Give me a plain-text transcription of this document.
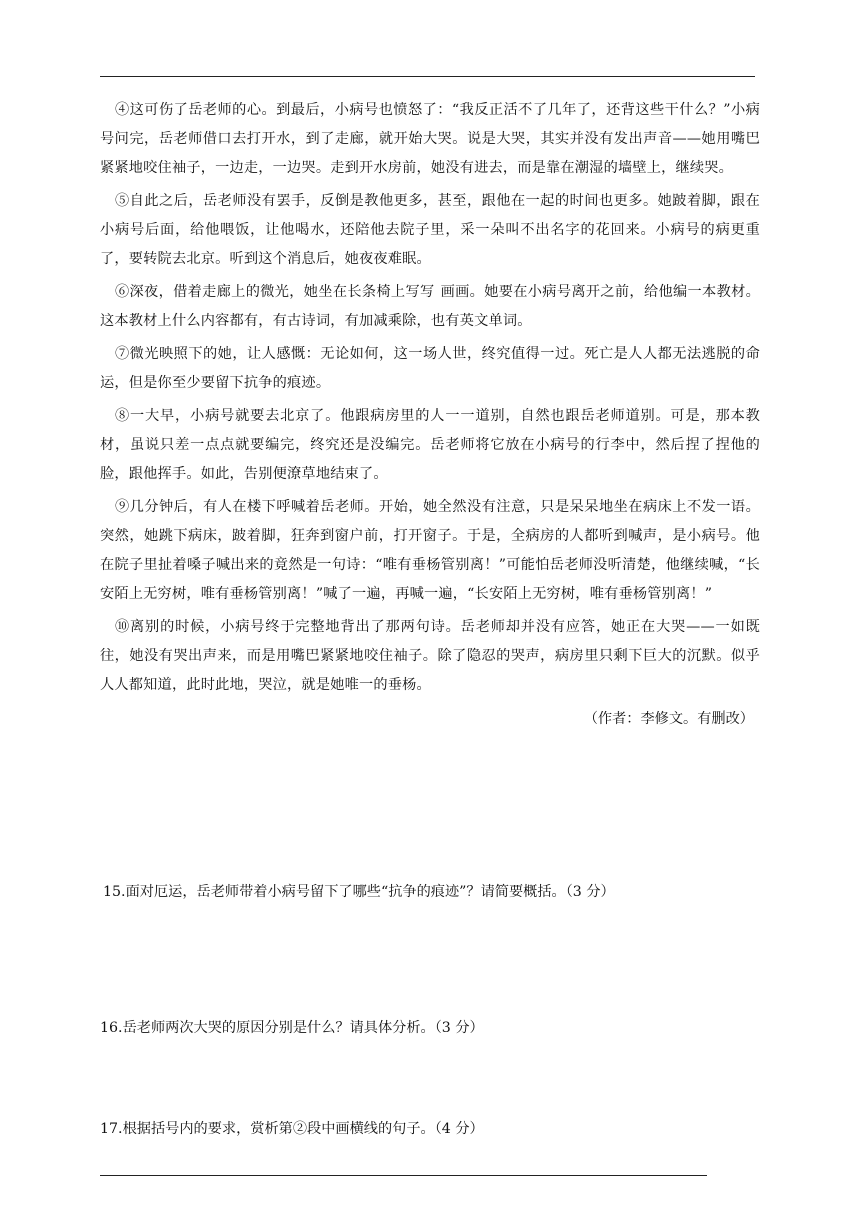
④这可伤了岳老师的心。到最后，小病号也愤怒了：“我反正活不了几年了，还背这些干什么？”小病号问完，岳老师借口去打开水，到了走廊，就开始大哭。说是大哭，其实并没有发出声音——她用嘴巴紧紧地咬住袖子，一边走，一边哭。走到开水房前，她没有进去，而是靠在潮湿的墙壁上，继续哭。

⑤自此之后，岳老师没有罢手，反倒是教他更多，甚至，跟他在一起的时间也更多。她跛着脚，跟在小病号后面，给他喂饭，让他喝水，还陪他去院子里，采一朵叫不出名字的花回来。小病号的病更重了，要转院去北京。听到这个消息后，她夜夜难眠。

⑥深夜，借着走廊上的微光，她坐在长条椅上写写 画画。她要在小病号离开之前，给他编一本教材。这本教材上什么内容都有，有古诗词，有加减乘除，也有英文单词。

⑦微光映照下的她，让人感慨：无论如何，这一场人世，终究值得一过。死亡是人人都无法逃脱的命运，但是你至少要留下抗争的痕迹。

⑧一大早，小病号就要去北京了。他跟病房里的人一一道别，自然也跟岳老师道别。可是，那本教材，虽说只差一点点就要编完，终究还是没编完。岳老师将它放在小病号的行李中，然后捏了捏他的脸，跟他挥手。如此，告别便潦草地结束了。

⑨几分钟后，有人在楼下呼喊着岳老师。开始，她全然没有注意，只是呆呆地坐在病床上不发一语。突然，她跳下病床，跛着脚，狂奔到窗户前，打开窗子。于是，全病房的人都听到喊声，是小病号。他在院子里扯着嗓子喊出来的竟然是一句诗：“唯有垂杨管别离！”可能怕岳老师没听清楚，他继续喊，“长安陌上无穷树，唯有垂杨管别离！”喊了一遍，再喊一遍，“长安陌上无穷树，唯有垂杨管别离！”

⑩离别的时候，小病号终于完整地背出了那两句诗。岳老师却并没有应答，她正在大哭——一如既往，她没有哭出声来，而是用嘴巴紧紧地咬住袖子。除了隐忍的哭声，病房里只剩下巨大的沉默。似乎人人都知道，此时此地，哭泣，就是她唯一的垂杨。

（作者：李修文。有删改）

15.面对厄运，岳老师带着小病号留下了哪些“抗争的痕迹”？请简要概括。（3 分）

16.岳老师两次大哭的原因分别是什么？请具体分析。（3 分）

17.根据括号内的要求，赏析第②段中画横线的句子。（4 分）
